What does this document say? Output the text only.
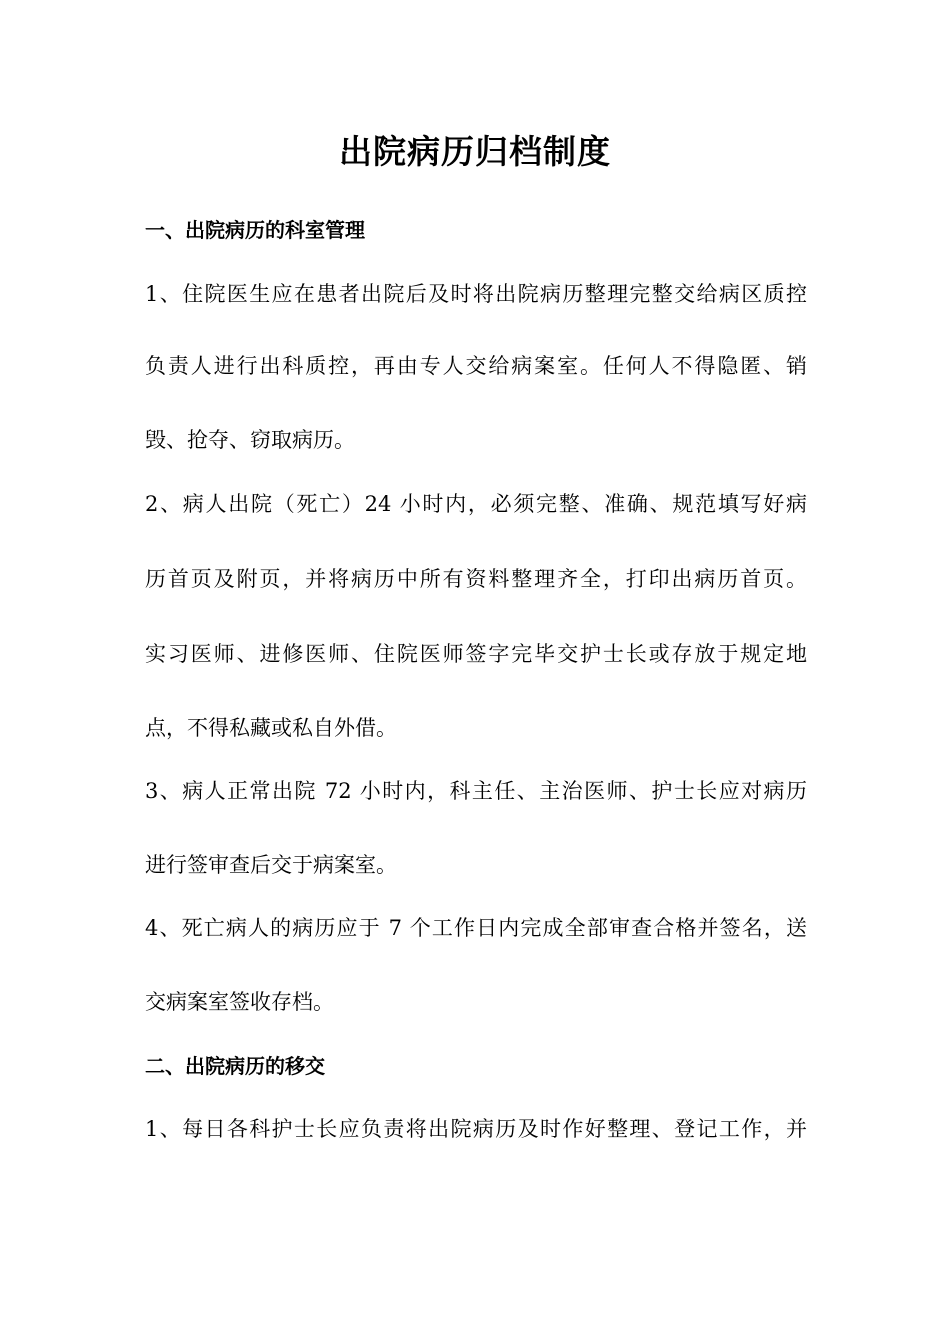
出院病历归档制度
一、出院病历的科室管理
1、住院医生应在患者出院后及时将出院病历整理完整交给病区质控
负责人进行出科质控，再由专人交给病案室。任何人不得隐匿、销
毁、抢夺、窃取病历。
2、病人出院（死亡）24 小时内，必须完整、准确、规范填写好病
历首页及附页，并将病历中所有资料整理齐全，打印出病历首页。
实习医师、进修医师、住院医师签字完毕交护士长或存放于规定地
点，不得私藏或私自外借。
3、病人正常出院 72 小时内，科主任、主治医师、护士长应对病历
进行签审查后交于病案室。
4、死亡病人的病历应于 7 个工作日内完成全部审查合格并签名，送
交病案室签收存档。
二、出院病历的移交
1、每日各科护士长应负责将出院病历及时作好整理、登记工作，并
